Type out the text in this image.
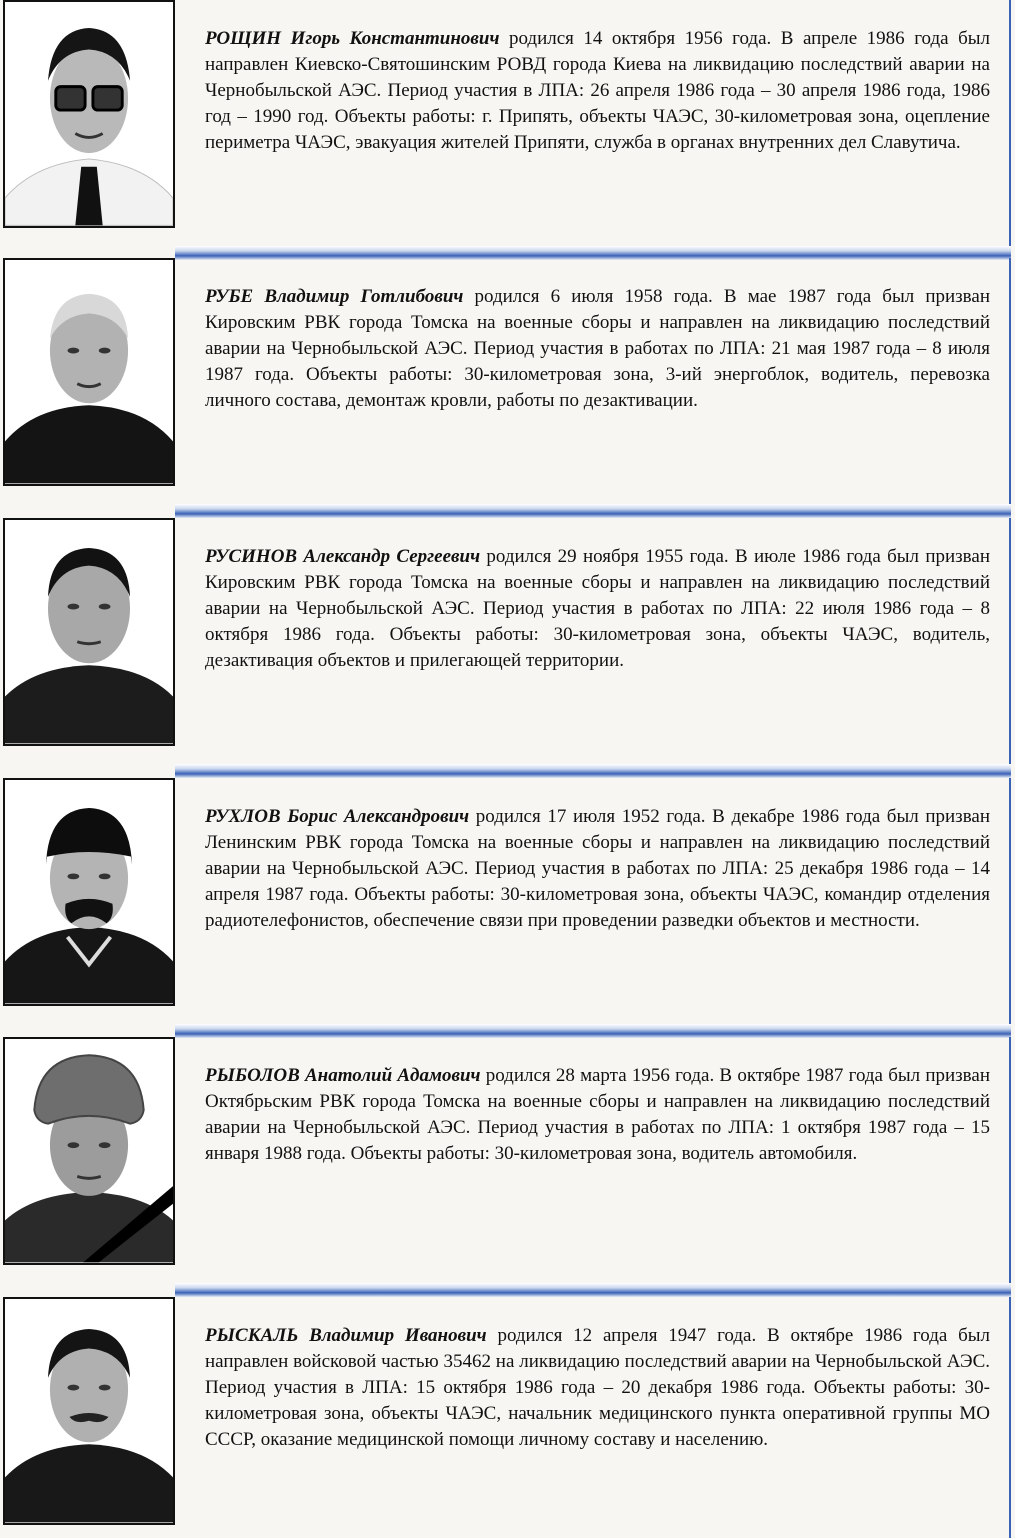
РОЩИН Игорь Константинович родился 14 октября 1956 года. В апреле 1986 года был направлен Киевско-Святошинским РОВД города Киева на ликвидацию последствий аварии на Чернобыльской АЭС. Период участия в ЛПА: 26 апреля 1986 года – 30 апреля 1986 года, 1986 год – 1990 год. Объекты работы: г. Припять, объекты ЧАЭС, 30-километровая зона, оцепление периметра ЧАЭС, эвакуация жителей Припяти, служба в органах внутренних дел Славутича.

РУБЕ Владимир Готлибович родился 6 июля 1958 года. В мае 1987 года был призван Кировским РВК города Томска на военные сборы и направлен на ликвидацию последствий аварии на Чернобыльской АЭС. Период участия в работах по ЛПА: 21 мая 1987 года – 8 июля 1987 года. Объекты работы: 30-километровая зона, 3-ий энергоблок, водитель, перевозка личного состава, демонтаж кровли, работы по дезактивации.

РУСИНОВ Александр Сергеевич родился 29 ноября 1955 года. В июле 1986 года был призван Кировским РВК города Томска на военные сборы и направлен на ликвидацию последствий аварии на Чернобыльской АЭС. Период участия в работах по ЛПА: 22 июля 1986 года – 8 октября 1986 года. Объекты работы: 30-километровая зона, объекты ЧАЭС, водитель, дезактивация объектов и прилегающей территории.

РУХЛОВ Борис Александрович родился 17 июля 1952 года. В декабре 1986 года был призван Ленинским РВК города Томска на военные сборы и направлен на ликвидацию последствий аварии на Чернобыльской АЭС. Период участия в работах по ЛПА: 25 декабря 1986 года – 14 апреля 1987 года. Объекты работы: 30-километровая зона, объекты ЧАЭС, командир отделения радиотелефонистов, обеспечение связи при проведении разведки объектов и местности.

РЫБОЛОВ Анатолий Адамович родился 28 марта 1956 года. В октябре 1987 года был призван Октябрьским РВК города Томска на военные сборы и направлен на ликвидацию последствий аварии на Чернобыльской АЭС. Период участия в работах по ЛПА: 1 октября 1987 года – 15 января 1988 года. Объекты работы: 30-километровая зона, водитель автомобиля.

РЫСКАЛЬ Владимир Иванович родился 12 апреля 1947 года. В октябре 1986 года был направлен войсковой частью 35462 на ликвидацию последствий аварии на Чернобыльской АЭС. Период участия в ЛПА: 15 октября 1986 года – 20 декабря 1986 года. Объекты работы: 30-километровая зона, объекты ЧАЭС, начальник медицинского пункта оперативной группы МО СССР, оказание медицинской помощи личному составу и населению.
